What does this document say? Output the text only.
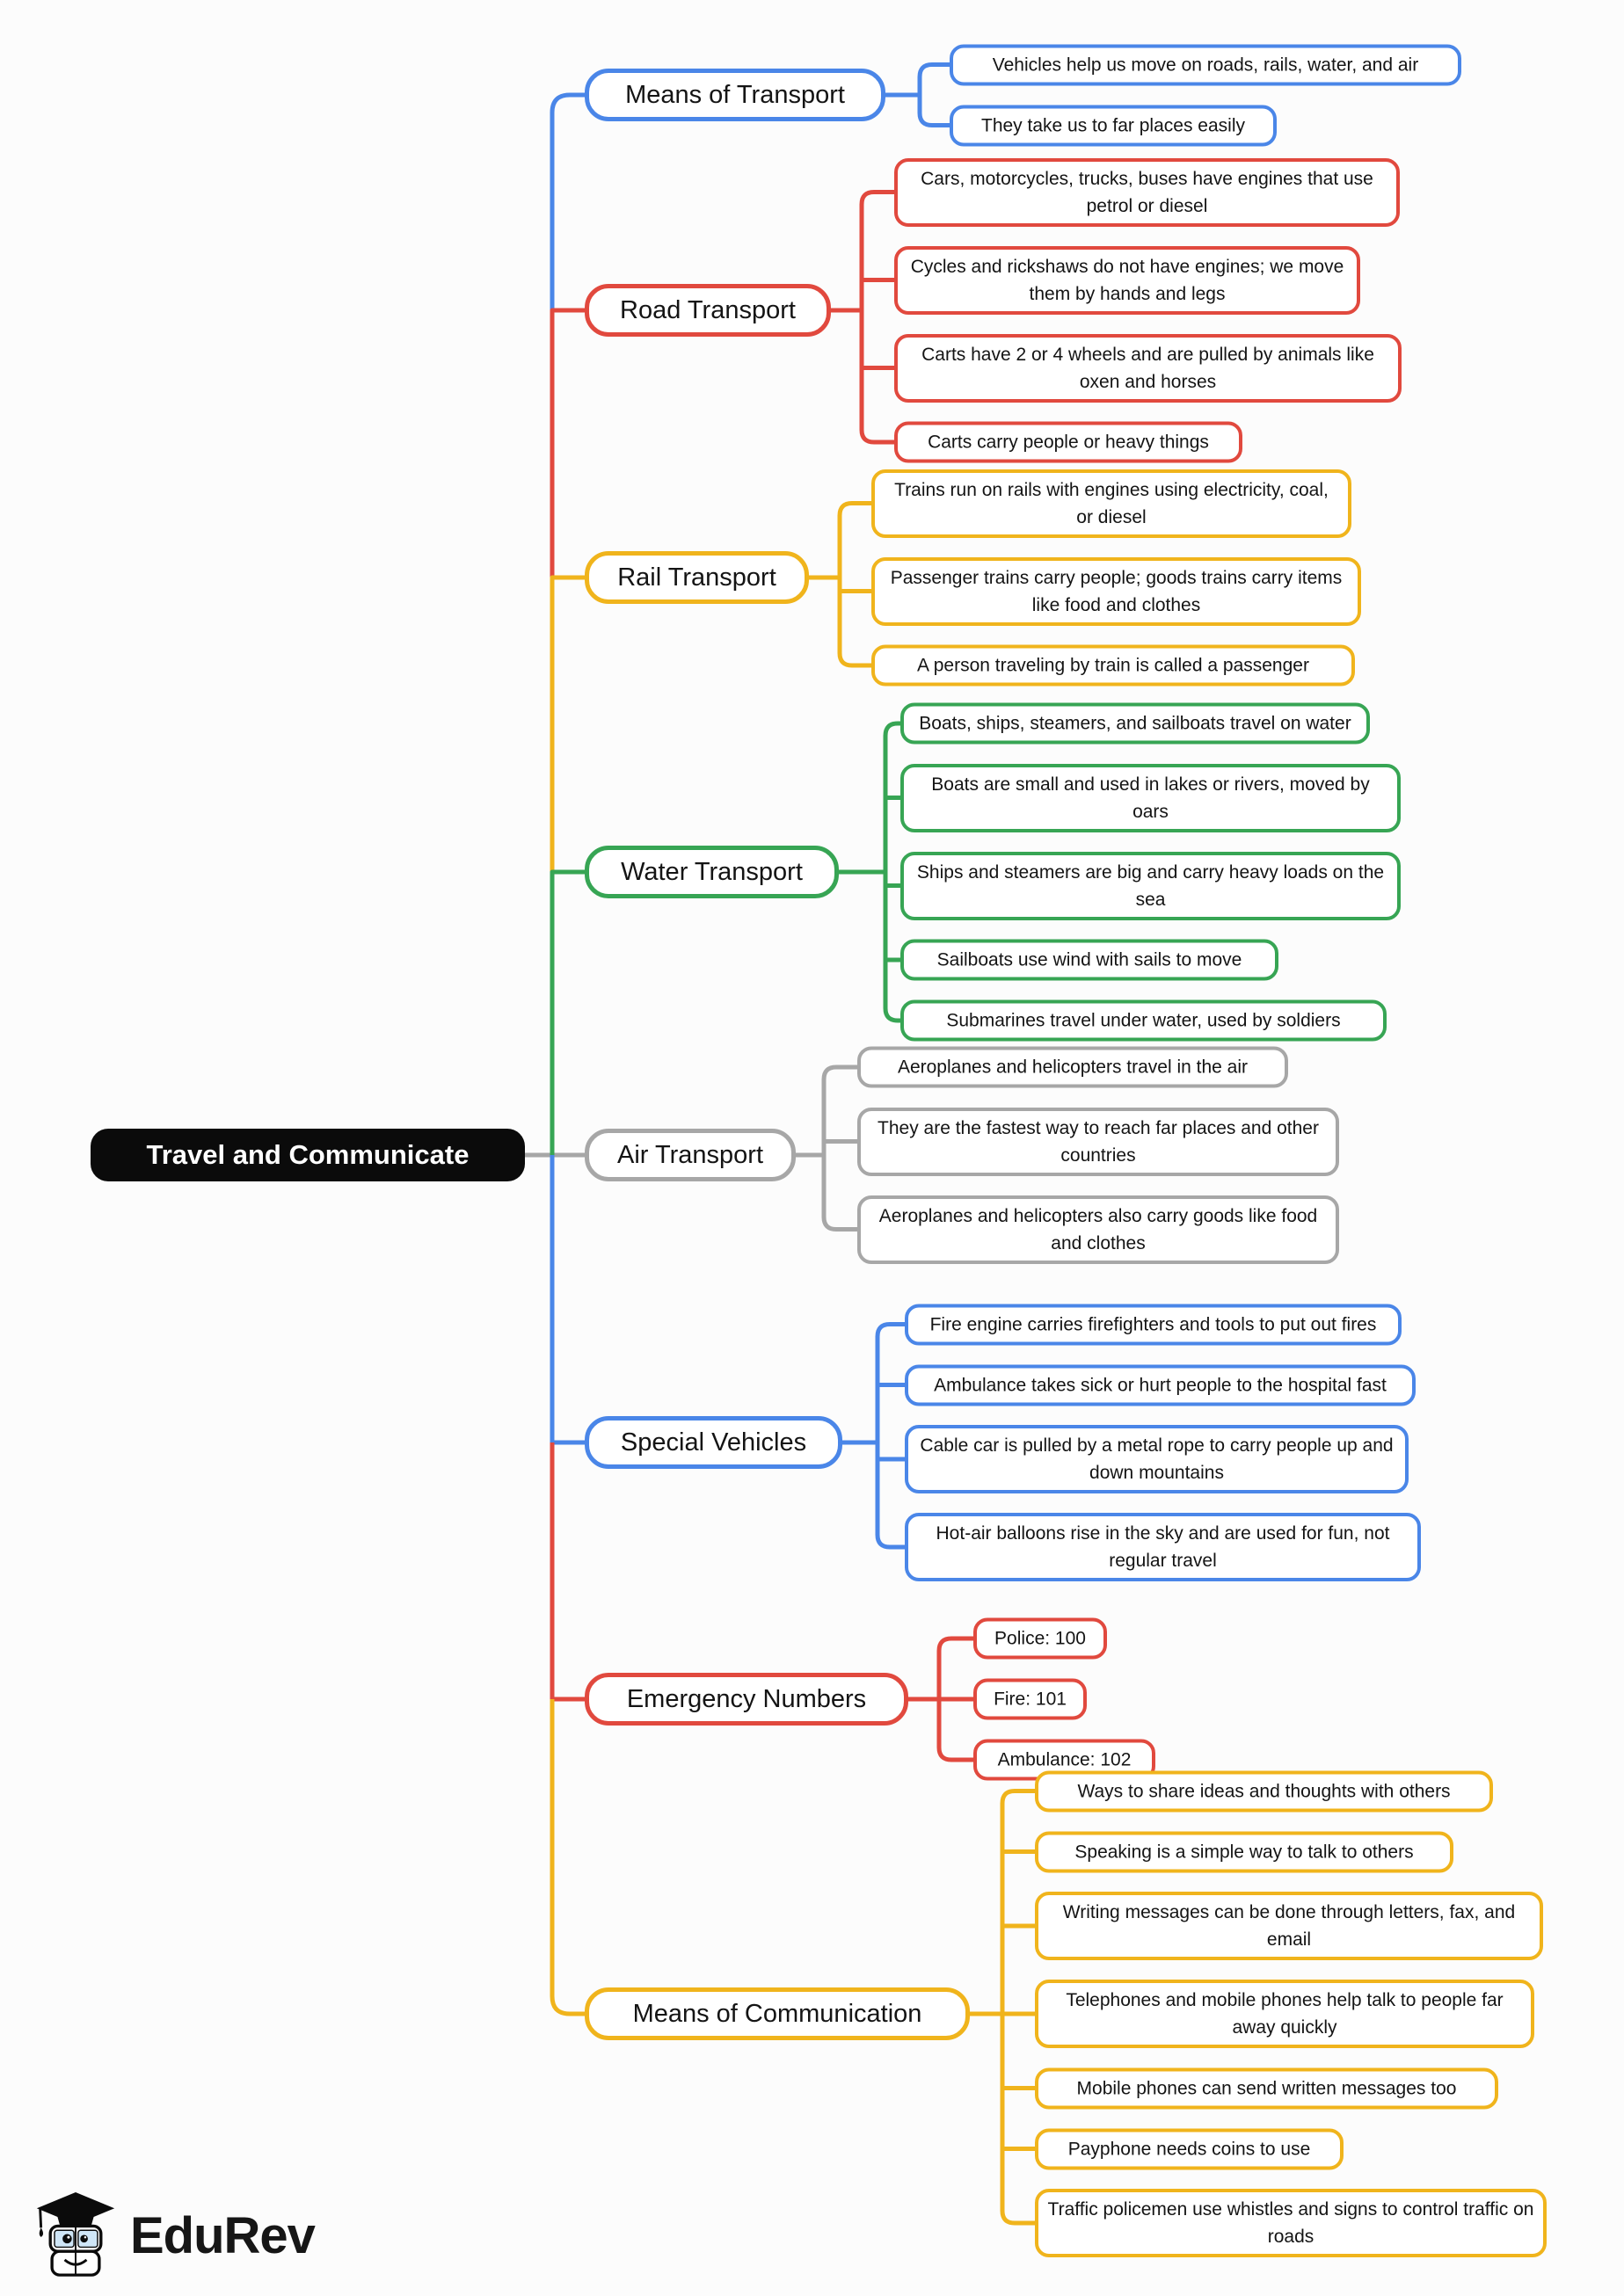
Travel and Communicate
Means of Transport
Vehicles help us move on roads, rails, water, and air
They take us to far places easily
Road Transport
Cars, motorcycles, trucks, buses have engines that use petrol or diesel
Cycles and rickshaws do not have engines; we move them by hands and legs
Carts have 2 or 4 wheels and are pulled by animals like oxen and horses
Carts carry people or heavy things
Rail Transport
Trains run on rails with engines using electricity, coal, or diesel
Passenger trains carry people; goods trains carry items like food and clothes
A person traveling by train is called a passenger
Water Transport
Boats, ships, steamers, and sailboats travel on water
Boats are small and used in lakes or rivers, moved by oars
Ships and steamers are big and carry heavy loads on the sea
Sailboats use wind with sails to move
Submarines travel under water, used by soldiers
Air Transport
Aeroplanes and helicopters travel in the air
They are the fastest way to reach far places and other countries
Aeroplanes and helicopters also carry goods like food and clothes
Special Vehicles
Fire engine carries firefighters and tools to put out fires
Ambulance takes sick or hurt people to the hospital fast
Cable car is pulled by a metal rope to carry people up and down mountains
Hot-air balloons rise in the sky and are used for fun, not regular travel
Emergency Numbers
Police: 100
Fire: 101
Ambulance: 102
Means of Communication
Ways to share ideas and thoughts with others
Speaking is a simple way to talk to others
Writing messages can be done through letters, fax, and email
Telephones and mobile phones help talk to people far away quickly
Mobile phones can send written messages too
Payphone needs coins to use
Traffic policemen use whistles and signs to control traffic on roads
EduRev
